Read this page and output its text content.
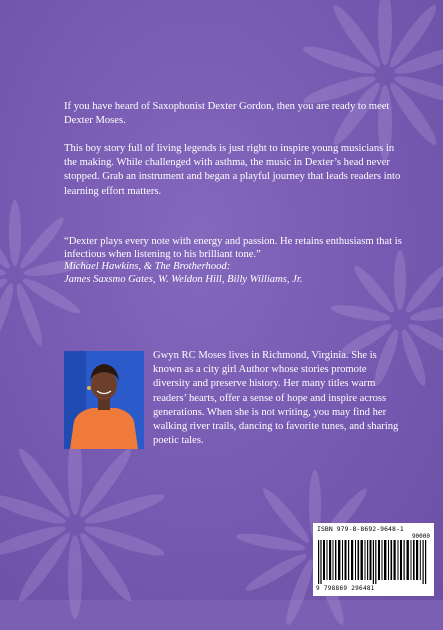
If you have heard of Saxophonist Dexter Gordon, then you are ready to meet Dexter Moses.
This boy story full of living legends is just right to inspire young musicians in the making. While challenged with asthma, the music in Dexter’s head never stopped. Grab an instrument and began a playful journey that leads readers into learning effort matters.
“Dexter plays every note with energy and passion. He retains enthusiasm that is infectious when listening to his brilliant tone.”
Michael Hawkins, & The Brotherhood:
James Saxsmo Gates, W. Weldon Hill, Billy Williams, Jr.
Gwyn RC Moses lives in Richmond, Virginia. She is known as a city girl Author whose stories promote diversity and preserve history. Her many titles warm readers’ hearts, offer a sense of hope and inspire across generations. When she is not writing, you may find her walking river trails, dancing to favorite tunes, and sharing poetic tales.
ISBN 979-8-8692-9648-1
90000
9 798869 296481
